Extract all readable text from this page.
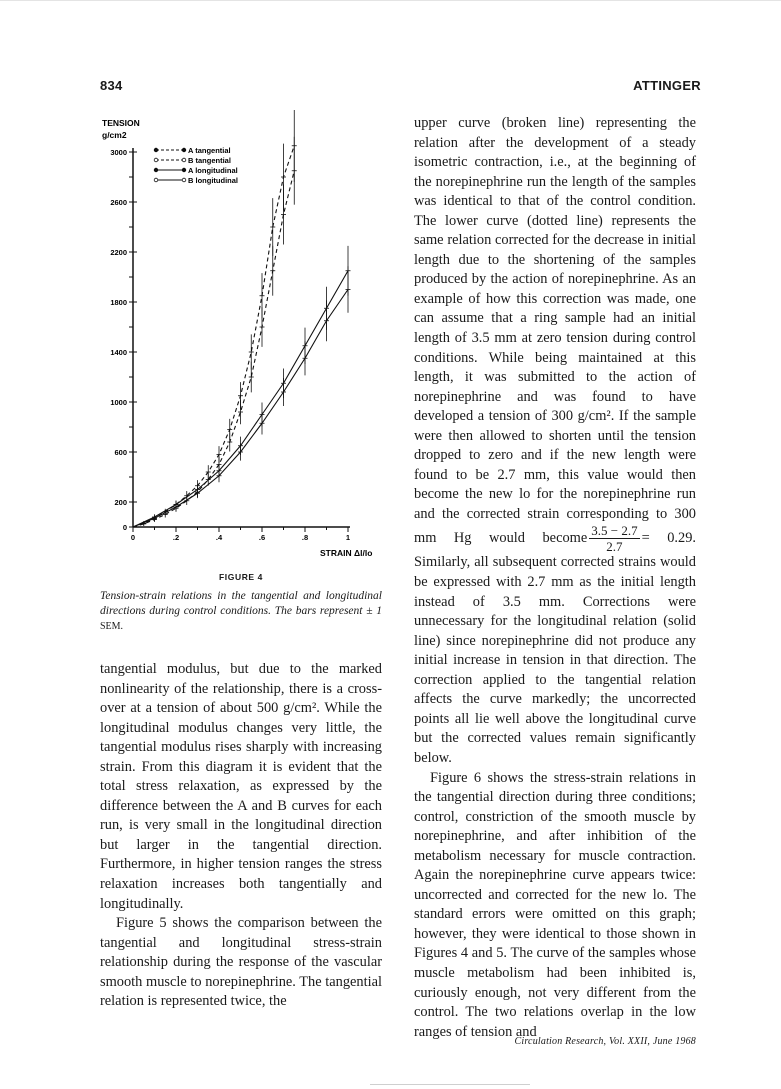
834	ATTINGER
TENSION
g/cm2
0
200
600
1000
1400
1800
2200
2600
3000
0	.2	.4	.6	.8	1
A tangential
B tangential
A longitudinal
B longitudinal
STRAIN Δl/lo
FIGURE 4
Tension-strain relations in the tangential and longitudinal directions during control conditions. The bars represent ± 1 SEM.

tangential modulus, but due to the marked nonlinearity of the relationship, there is a cross-over at a tension of about 500 g/cm². While the longitudinal modulus changes very little, the tangential modulus rises sharply with increasing strain. From this diagram it is evident that the total stress relaxation, as expressed by the difference between the A and B curves for each run, is very small in the longitudinal direction but larger in the tangential direction. Furthermore, in higher tension ranges the stress relaxation increases both tangentially and longitudinally.

Figure 5 shows the comparison between the tangential and longitudinal stress-strain relationship during the response of the vascular smooth muscle to norepinephrine. The tangential relation is represented twice, the

upper curve (broken line) representing the relation after the development of a steady isometric contraction, i.e., at the beginning of the norepinephrine run the length of the samples was identical to that of the control condition. The lower curve (dotted line) represents the same relation corrected for the decrease in initial length due to the shortening of the samples produced by the action of norepinephrine. As an example of how this correction was made, one can assume that a ring sample had an initial length of 3.5 mm at zero tension during control conditions. While being maintained at this length, it was submitted to the action of norepinephrine and was found to have developed a tension of 300 g/cm². If the sample were then allowed to shorten until the tension dropped to zero and if the new length were found to be 2.7 mm, this value would then become the new lo for the norepinephrine run and the corrected strain corresponding to 300 mm Hg would become $\frac{3.5 - 2.7}{2.7} = 0.29$. Similarly, all subsequent corrected strains would be expressed with 2.7 mm as the initial length instead of 3.5 mm. Corrections were unnecessary for the longitudinal relation (solid line) since norepinephrine did not produce any initial increase in tension in that direction. The correction applied to the tangential relation affects the curve markedly; the uncorrected points all lie well above the longitudinal curve but the corrected values remain significantly below.

Figure 6 shows the stress-strain relations in the tangential direction during three conditions; control, constriction of the smooth muscle by norepinephrine, and after inhibition of the metabolism necessary for muscle contraction. Again the norepinephrine curve appears twice: uncorrected and corrected for the new lo. The standard errors were omitted on this graph; however, they were identical to those shown in Figures 4 and 5. The curve of the samples whose muscle metabolism had been inhibited is, curiously enough, not very different from the control. The two relations overlap in the low ranges of tension and

Circulation Research, Vol. XXII, June 1968
